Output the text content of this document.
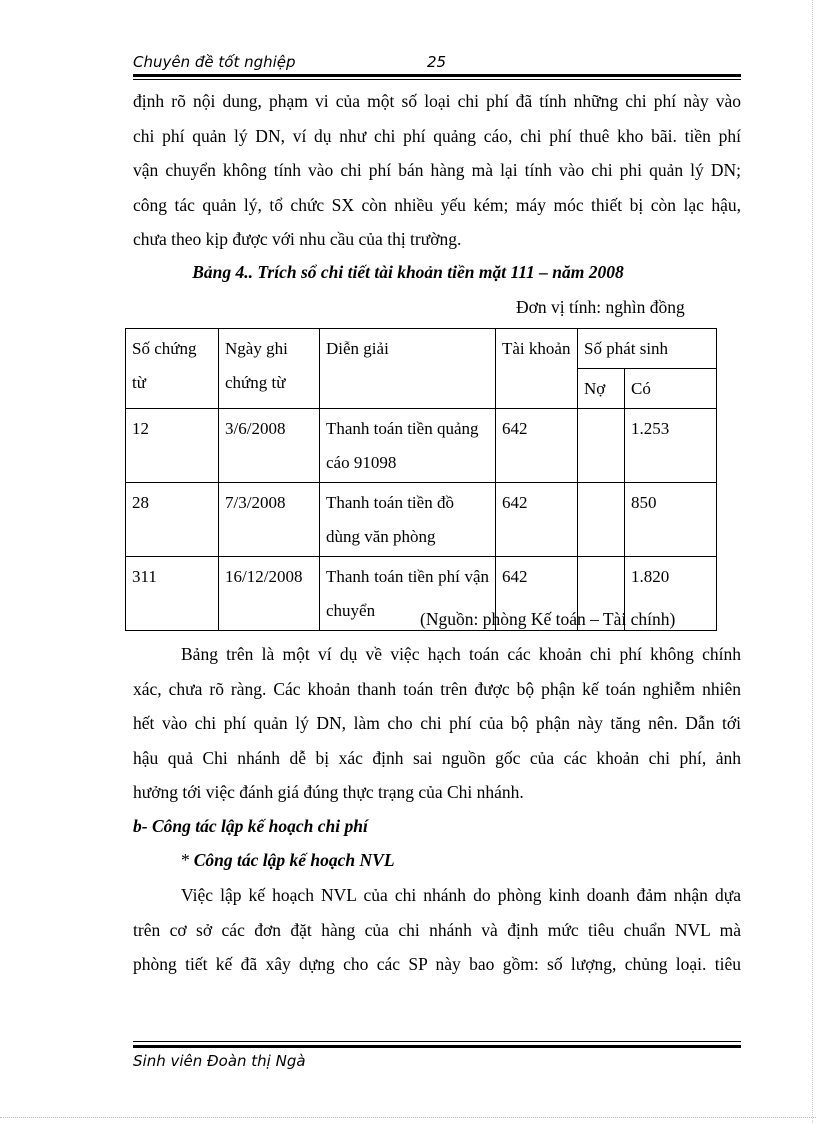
Chuyên đề tốt nghiệp	25
định rõ nội dung, phạm vi của một số loại chi phí đã tính những chi phí này vào
chi phí quản lý DN, ví dụ như chi phí quảng cáo, chi phí thuê kho bãi. tiền phí
vận chuyển không tính vào chi phí bán hàng mà lại tính vào chi phi quản lý DN;
công tác quản lý, tổ chức SX còn nhiều yếu kém; máy móc thiết bị còn lạc hậu,
chưa theo kịp được với nhu cầu của thị trường.
Bảng 4.. Trích sổ chi tiết tài khoản tiền mặt 111 – năm 2008
Đơn vị tính: nghìn đồng
Số chứng từ	Ngày ghi chứng từ	Diễn giải	Tài khoản	Số phát sinh	
				Nợ	Có
12	3/6/2008	Thanh toán tiền quảng cáo 91098	642		1.253
28	7/3/2008	Thanh toán tiền đồ dùng văn phòng	642		850
311	16/12/2008	Thanh toán tiền phí vận chuyển	642		1.820
(Nguồn: phòng Kế toán – Tài chính)
Bảng trên là một ví dụ về việc hạch toán các khoản chi phí không chính
xác, chưa rõ ràng. Các khoản thanh toán trên được bộ phận kế toán nghiễm nhiên
hết vào chi phí quản lý DN, làm cho chi phí của bộ phận này tăng nên. Dẫn tới
hậu quả Chi nhánh dễ bị xác định sai nguồn gốc của các khoản chi phí, ảnh
hưởng tới việc đánh giá đúng thực trạng của Chi nhánh.
b- Công tác lập kế hoạch chi phí
* Công tác lập kế hoạch NVL
Việc lập kế hoạch NVL của chi nhánh do phòng kinh doanh đảm nhận dựa
trên cơ sở các đơn đặt hàng của chi nhánh và định mức tiêu chuẩn NVL mà
phòng tiết kế đã xây dựng cho các SP này bao gồm: số lượng, chủng loại. tiêu
Sinh viên Đoàn thị Ngà
